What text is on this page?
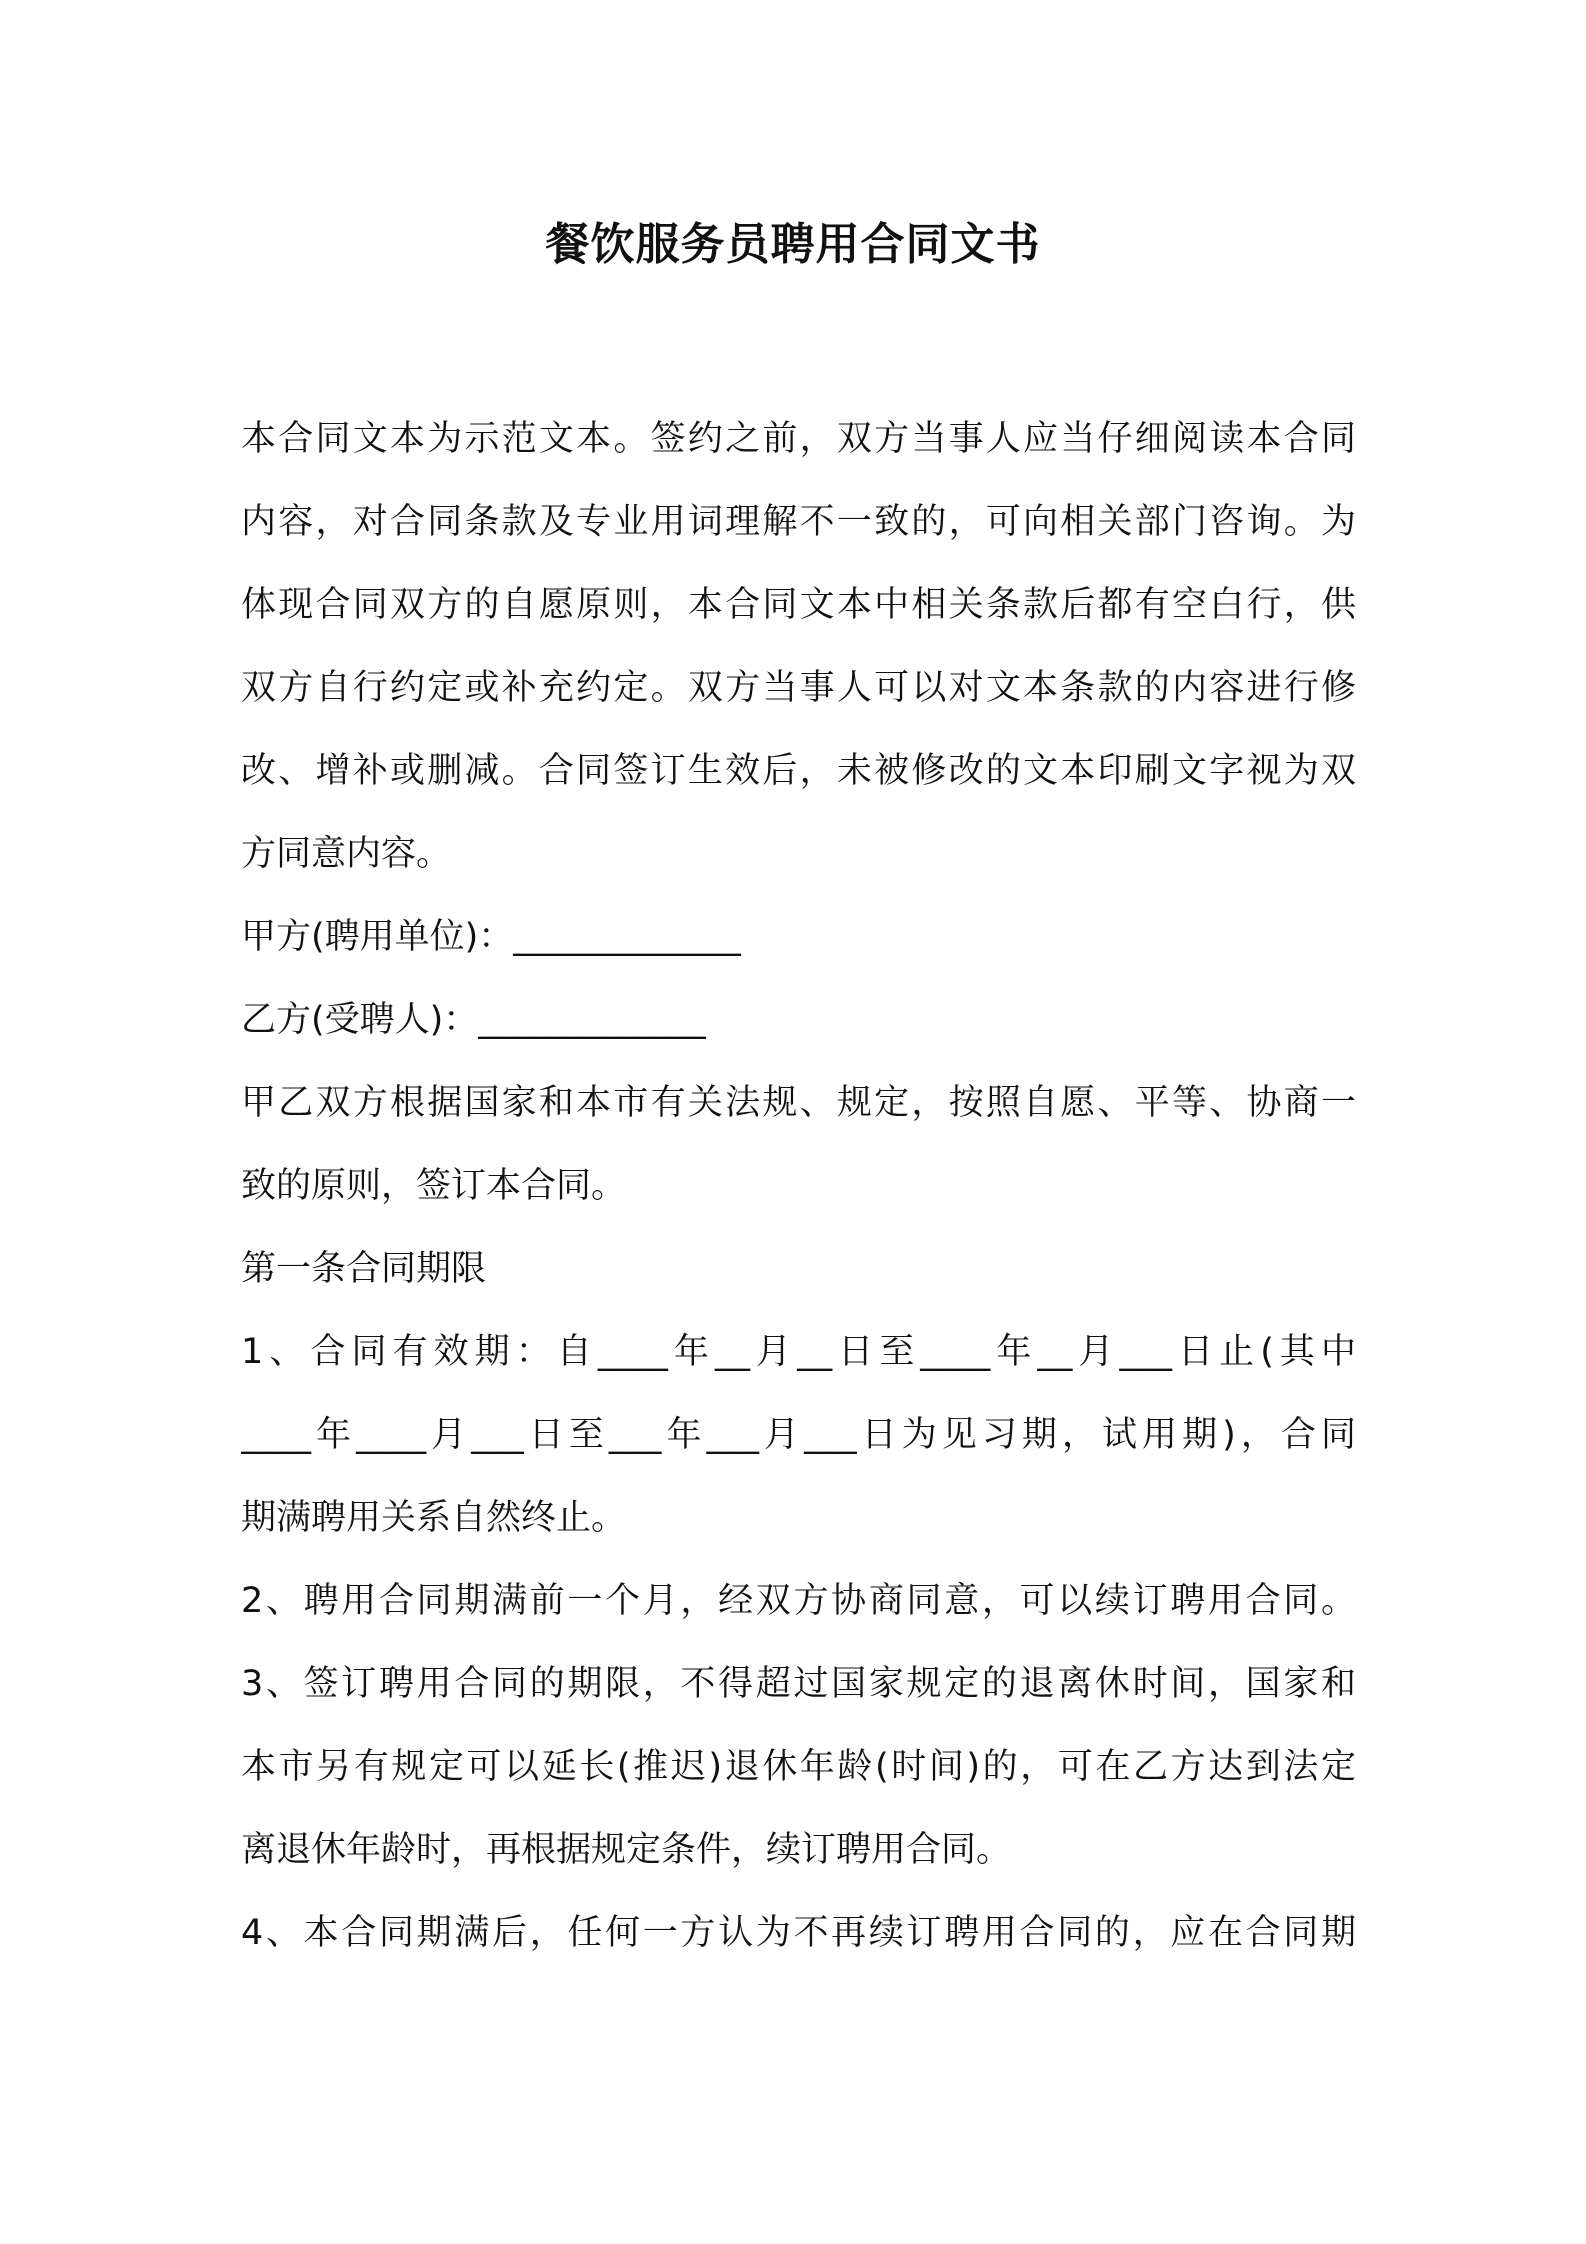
餐饮服务员聘用合同文书
本合同文本为示范文本。签约之前，双方当事人应当仔细阅读本合同
内容，对合同条款及专业用词理解不一致的，可向相关部门咨询。为
体现合同双方的自愿原则，本合同文本中相关条款后都有空白行，供
双方自行约定或补充约定。双方当事人可以对文本条款的内容进行修
改、增补或删减。合同签订生效后，未被修改的文本印刷文字视为双
方同意内容。
甲方(聘用单位)：_____________
乙方(受聘人)：_____________
甲乙双方根据国家和本市有关法规、规定，按照自愿、平等、协商一
致的原则，签订本合同。
第一条合同期限
1、合同有效期：自____年__月__日至____年__月___日止(其中
____年____月___日至___年___月___日为见习期，试用期)，合同
期满聘用关系自然终止。
2、聘用合同期满前一个月，经双方协商同意，可以续订聘用合同。
3、签订聘用合同的期限，不得超过国家规定的退离休时间，国家和
本市另有规定可以延长(推迟)退休年龄(时间)的，可在乙方达到法定
离退休年龄时，再根据规定条件，续订聘用合同。
4、本合同期满后，任何一方认为不再续订聘用合同的，应在合同期
